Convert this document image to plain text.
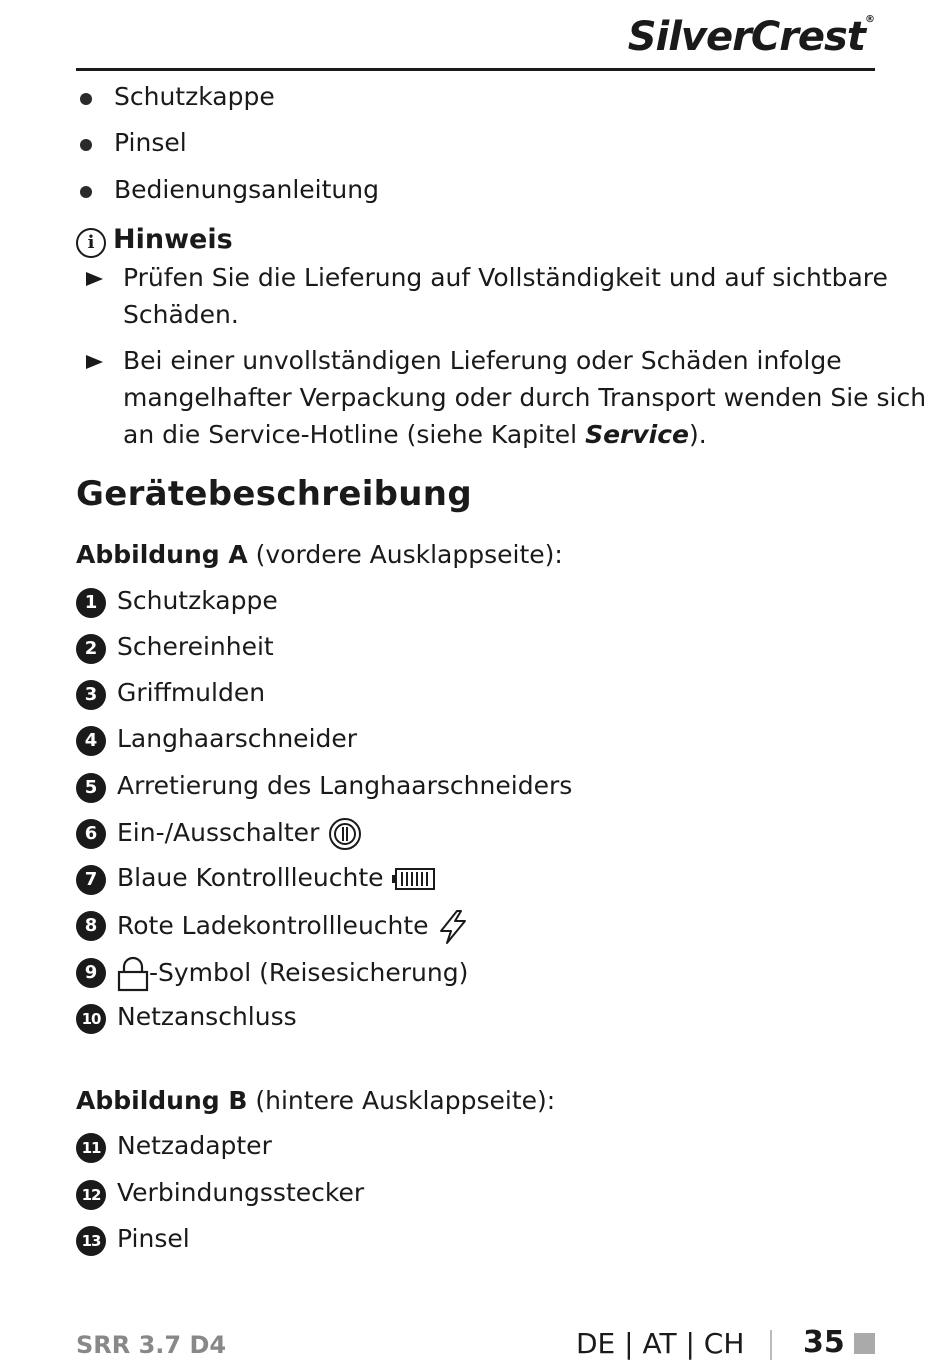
SilverCrest®
Schutzkappe
Pinsel
Bedienungsanleitung
i Hinweis
Prüfen Sie die Lieferung auf Vollständigkeit und auf sichtbare
Schäden.
Bei einer unvollständigen Lieferung oder Schäden infolge
mangelhafter Verpackung oder durch Transport wenden Sie sich
an die Service-Hotline (siehe Kapitel Service).
Gerätebeschreibung
Abbildung A (vordere Ausklappseite):
1 Schutzkappe
2 Schereinheit
3 Griffmulden
4 Langhaarschneider
5 Arretierung des Langhaarschneiders
6 Ein-/Ausschalter
7 Blaue Kontrollleuchte
8 Rote Ladekontrollleuchte
9	-Symbol (Reisesicherung)
10 Netzanschluss
Abbildung B (hintere Ausklappseite):
11 Netzadapter
12 Verbindungsstecker
13 Pinsel
SRR 3.7 D4	DE | AT | CH 35
